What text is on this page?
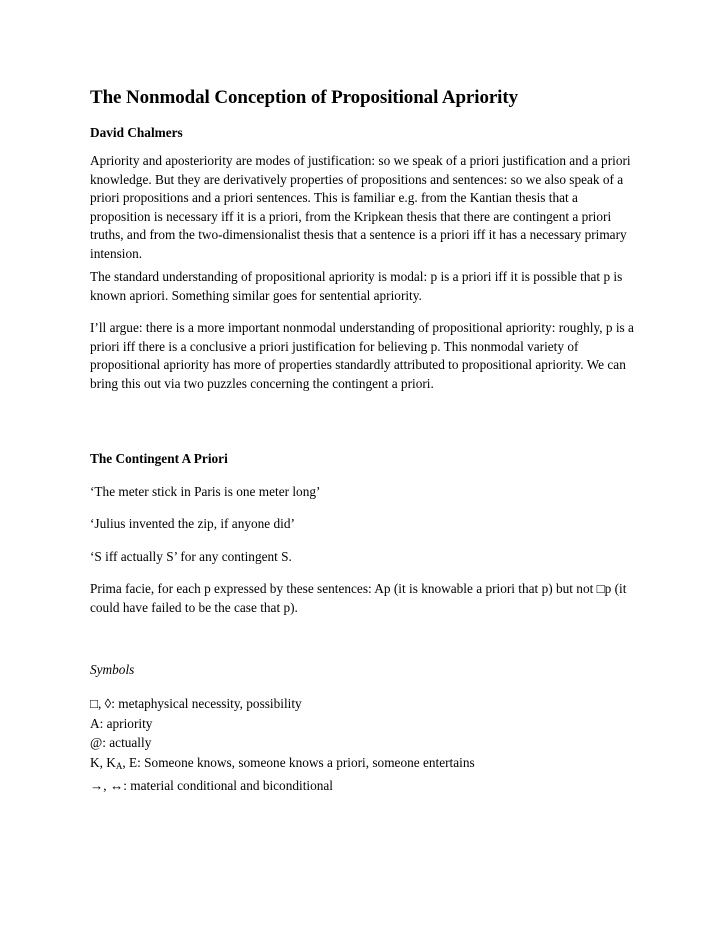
The Nonmodal Conception of Propositional Apriority

David Chalmers

Apriority and aposteriority are modes of justification: so we speak of a priori justification and a priori knowledge. But they are derivatively properties of propositions and sentences: so we also speak of a priori propositions and a priori sentences. This is familiar e.g. from the Kantian thesis that a proposition is necessary iff it is a priori, from the Kripkean thesis that there are contingent a priori truths, and from the two-dimensionalist thesis that a sentence is a priori iff it has a necessary primary intension.

The standard understanding of propositional apriority is modal: p is a priori iff it is possible that p is known apriori. Something similar goes for sentential apriority.

I’ll argue: there is a more important nonmodal understanding of propositional apriority: roughly, p is a priori iff there is a conclusive a priori justification for believing p. This nonmodal variety of propositional apriority has more of properties standardly attributed to propositional apriority. We can bring this out via two puzzles concerning the contingent a priori.

The Contingent A Priori

‘The meter stick in Paris is one meter long’

‘Julius invented the zip, if anyone did’

‘S iff actually S’ for any contingent S.

Prima facie, for each p expressed by these sentences: Ap (it is knowable a priori that p) but not □p (it could have failed to be the case that p).

Symbols

□, ◊: metaphysical necessity, possibility
A: apriority
@: actually
K, $K_A$, E: Someone knows, someone knows a priori, someone entertains
→, ↔: material conditional and biconditional
